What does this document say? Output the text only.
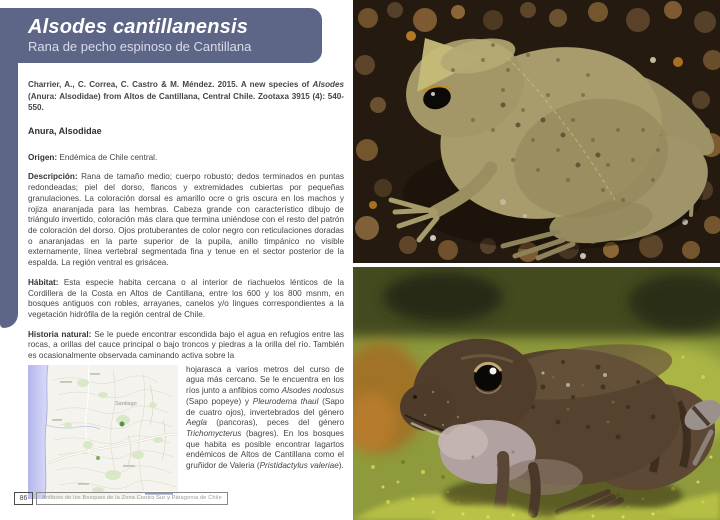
Alsodes cantillanensis
Rana de pecho espinoso de Cantillana

Charrier, A., C. Correa, C. Castro & M. Méndez. 2015. A new species of Alsodes (Anura: Alsodidae) from Altos de Cantillana, Central Chile. Zootaxa 3915 (4): 540-550.

Anura, Alsodidae

Origen: Endémica de Chile central.

Descripción: Rana de tamaño medio; cuerpo robusto; dedos terminados en puntas redondeadas; piel del dorso, flancos y extremidades cubiertas por pequeñas granulaciones. La coloración dorsal es amarillo ocre o gris oscura en los machos y rojiza anaranjada para las hembras. Cabeza grande con característico dibujo de triángulo invertido, coloración más clara que termina uniéndose con el resto del patrón de coloración del dorso. Ojos protuberantes de color negro con reticulaciones doradas o anaranjadas en la parte superior de la pupila, anillo timpánico no visible externamente, línea vertebral segmentada fina y tenue en el sector posterior de la espalda. La región ventral es grisácea.

Hábitat: Esta especie habita cercana o al interior de riachuelos lénticos de la Cordillera de la Costa en Altos de Cantillana, entre los 600 y los 800 msnm, en bosques antiguos con robles, arrayanes, canelos y/o lingues correspondientes a la vegetación hidrófila de la región central de Chile.

Historia natural: Se le puede encontrar escondida bajo el agua en refugios entre las rocas, a orillas del cauce principal o bajo troncos y piedras a la orilla del río. También es ocasionalmente observada caminando activa sobre la

Santiago

hojarasca a varios metros del curso de agua más cercano. Se le encuentra en los ríos junto a anfibios como Alsodes nodosus (Sapo popeye) y Pleurodema thaul (Sapo de cuatro ojos), invertebrados del género Aegla (pancoras), peces del género Trichomycterus (bagres). En los bosques que habita es posible encontrar lagartos endémicos de Altos de Cantillana como el gruñidor de Valeria (Pristidactylus valeriae).

86	Anfibios de los Bosques de la Zona Centro Sur y Patagonia de Chile
